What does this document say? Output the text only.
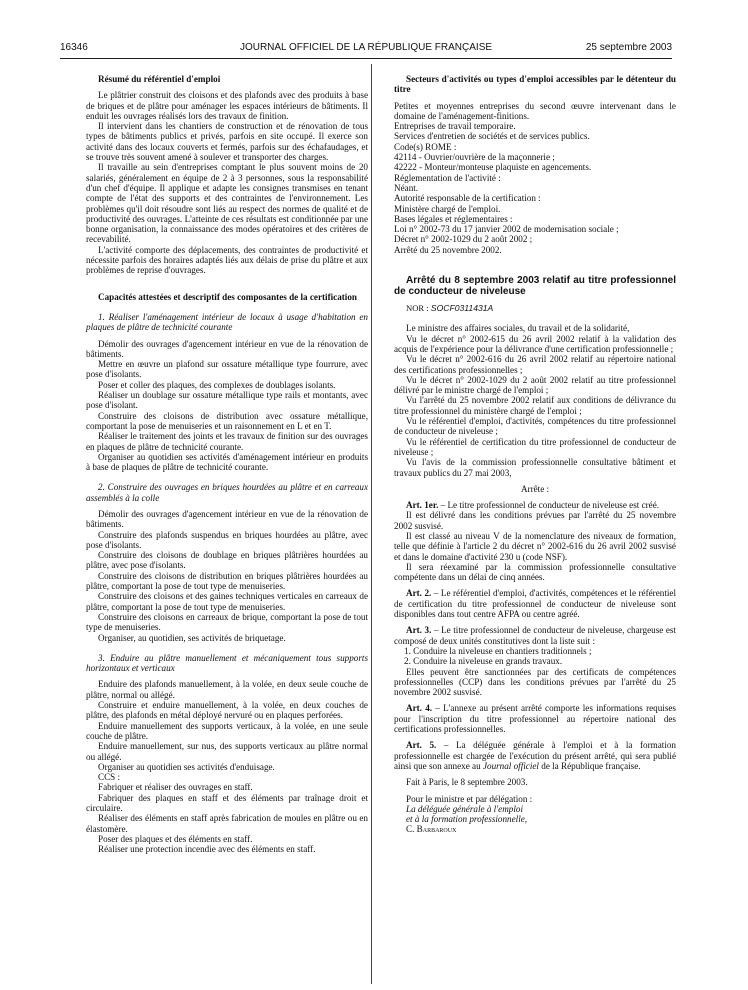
16346	JOURNAL OFFICIEL DE LA RÉPUBLIQUE FRANÇAISE	25 septembre 2003

Résumé du référentiel d'emploi

Le plâtrier construit des cloisons et des plafonds avec des produits à base de briques et de plâtre pour aménager les espaces intérieurs de bâtiments. Il enduit les ouvrages réalisés lors des travaux de finition.

Il intervient dans les chantiers de construction et de rénovation de tous types de bâtiments publics et privés, parfois en site occupé. Il exerce son activité dans des locaux couverts et fermés, parfois sur des échafaudages, et se trouve très souvent amené à soulever et transporter des charges.

Il travaille au sein d'entreprises comptant le plus souvent moins de 20 salariés, généralement en équipe de 2 à 3 personnes, sous la responsabilité d'un chef d'équipe. Il applique et adapte les consignes transmises en tenant compte de l'état des supports et des contraintes de l'environnement. Les problèmes qu'il doit résoudre sont liés au respect des normes de qualité et de productivité des ouvrages. L'atteinte de ces résultats est conditionnée par une bonne organisation, la connaissance des modes opératoires et des critères de recevabilité.

L'activité comporte des déplacements, des contraintes de productivité et nécessite parfois des horaires adaptés liés aux délais de prise du plâtre et aux problèmes de reprise d'ouvrages.

Capacités attestées et descriptif des composantes de la certification

1. Réaliser l'aménagement intérieur de locaux à usage d'habitation en plaques de plâtre de technicité courante

Démolir des ouvrages d'agencement intérieur en vue de la rénovation de bâtiments.

Mettre en œuvre un plafond sur ossature métallique type fourrure, avec pose d'isolants.

Poser et coller des plaques, des complexes de doublages isolants.

Réaliser un doublage sur ossature métallique type rails et montants, avec pose d'isolant.

Construire des cloisons de distribution avec ossature métallique, comportant la pose de menuiseries et un raisonnement en L et en T.

Réaliser le traitement des joints et les travaux de finition sur des ouvrages en plaques de plâtre de technicité courante.

Organiser au quotidien ses activités d'aménagement intérieur en produits à base de plaques de plâtre de technicité courante.

2. Construire des ouvrages en briques hourdées au plâtre et en carreaux assemblés à la colle

Démolir des ouvrages d'agencement intérieur en vue de la rénovation de bâtiments.

Construire des plafonds suspendus en briques hourdées au plâtre, avec pose d'isolants.

Construire des cloisons de doublage en briques plâtrières hourdées au plâtre, avec pose d'isolants.

Construire des cloisons de distribution en briques plâtrières hourdées au plâtre, comportant la pose de tout type de menuiseries.

Construire des cloisons et des gaines techniques verticales en carreaux de plâtre, comportant la pose de tout type de menuiseries.

Construire des cloisons en carreaux de brique, comportant la pose de tout type de menuiseries.

Organiser, au quotidien, ses activités de briquetage.

3. Enduire au plâtre manuellement et mécaniquement tous supports horizontaux et verticaux

Enduire des plafonds manuellement, à la volée, en deux seule couche de plâtre, normal ou allégé.

Construire et enduire manuellement, à la volée, en deux couches de plâtre, des plafonds en métal déployé nervuré ou en plaques perforées.

Enduire manuellement des supports verticaux, à la volée, en une seule couche de plâtre.

Enduire manuellement, sur nus, des supports verticaux au plâtre normal ou allégé.

Organiser au quotidien ses activités d'enduisage.

CCS :

Fabriquer et réaliser des ouvrages en staff.

Fabriquer des plaques en staff et des éléments par traînage droit et circulaire.

Réaliser des éléments en staff après fabrication de moules en plâtre ou en élastomère.

Poser des plaques et des éléments en staff.

Réaliser une protection incendie avec des éléments en staff.

Secteurs d'activités ou types d'emploi accessibles par le détenteur du titre

Petites et moyennes entreprises du second œuvre intervenant dans le domaine de l'aménagement-finitions.

Entreprises de travail temporaire.

Services d'entretien de sociétés et de services publics.

Code(s) ROME :

42114 - Ouvrier/ouvrière de la maçonnerie ;

42222 - Monteur/monteuse plaquiste en agencements.

Réglementation de l'activité :

Néant.

Autorité responsable de la certification :

Ministère chargé de l'emploi.

Bases légales et réglementaires :

Loi n° 2002-73 du 17 janvier 2002 de modernisation sociale ;

Décret n° 2002-1029 du 2 août 2002 ;

Arrêté du 25 novembre 2002.

Arrêté du 8 septembre 2003 relatif au titre professionnel de conducteur de niveleuse

NOR : SOCF0311431A

Le ministre des affaires sociales, du travail et de la solidarité,

Vu le décret n° 2002-615 du 26 avril 2002 relatif à la validation des acquis de l'expérience pour la délivrance d'une certification professionnelle ;

Vu le décret n° 2002-616 du 26 avril 2002 relatif au répertoire national des certifications professionnelles ;

Vu le décret n° 2002-1029 du 2 août 2002 relatif au titre professionnel délivré par le ministre chargé de l'emploi ;

Vu l'arrêté du 25 novembre 2002 relatif aux conditions de délivrance du titre professionnel du ministère chargé de l'emploi ;

Vu le référentiel d'emploi, d'activités, compétences du titre professionnel de conducteur de niveleuse ;

Vu le référentiel de certification du titre professionnel de conducteur de niveleuse ;

Vu l'avis de la commission professionnelle consultative bâtiment et travaux publics du 27 mai 2003,

Arrête :

Art. 1er. – Le titre professionnel de conducteur de niveleuse est créé.

Il est délivré dans les conditions prévues par l'arrêté du 25 novembre 2002 susvisé.

Il est classé au niveau V de la nomenclature des niveaux de formation, telle que définie à l'article 2 du décret n° 2002-616 du 26 avril 2002 susvisé et dans le domaine d'activité 230 u (code NSF).

Il sera réexaminé par la commission professionnelle consultative compétente dans un délai de cinq années.

Art. 2. – Le référentiel d'emploi, d'activités, compétences et le référentiel de certification du titre professionnel de conducteur de niveleuse sont disponibles dans tout centre AFPA ou centre agréé.

Art. 3. – Le titre professionnel de conducteur de niveleuse, chargeuse est composé de deux unités constitutives dont la liste suit :

1. Conduire la niveleuse en chantiers traditionnels ;

2. Conduire la niveleuse en grands travaux.

Elles peuvent être sanctionnées par des certificats de compétences professionnelles (CCP) dans les conditions prévues par l'arrêté du 25 novembre 2002 susvisé.

Art. 4. – L'annexe au présent arrêté comporte les informations requises pour l'inscription du titre professionnel au répertoire national des certifications professionnelles.

Art. 5. – La déléguée générale à l'emploi et à la formation professionnelle est chargée de l'exécution du présent arrêté, qui sera publié ainsi que son annexe au Journal officiel de la République française.

Fait à Paris, le 8 septembre 2003.

Pour le ministre et par délégation :

La déléguée générale à l'emploi

et à la formation professionnelle,

C. Barbaroux
